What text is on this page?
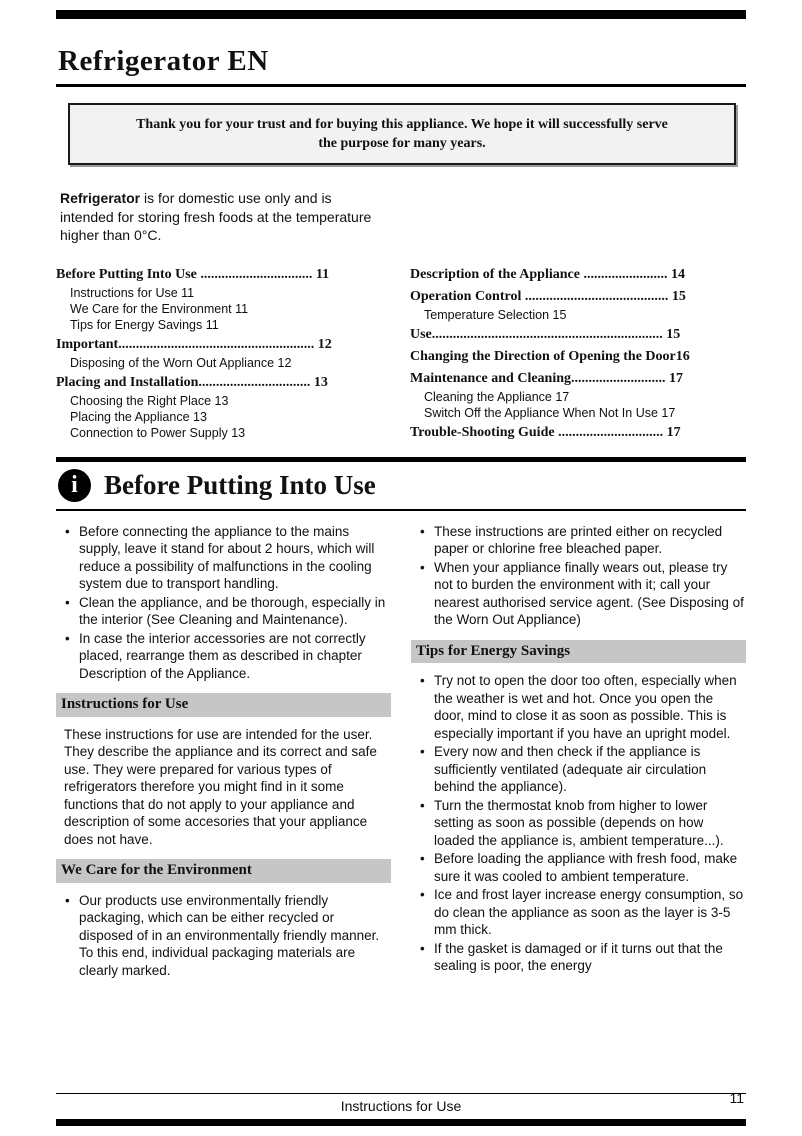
Refrigerator EN
Thank you for your trust and for buying this appliance. We hope it will successfully serve the purpose for many years.

Refrigerator is for domestic use only and is intended for storing fresh foods at the temperature higher than 0°C.

Before Putting Into Use ................................ 11
Instructions for Use 11
We Care for the Environment 11
Tips for Energy Savings 11
Important........................................................ 12
Disposing of the Worn Out Appliance 12
Placing and Installation................................ 13
Choosing the Right Place 13
Placing the Appliance 13
Connection to Power Supply 13
Description of the Appliance ........................ 14
Operation Control ......................................... 15
Temperature Selection 15
Use.................................................................. 15
Changing the Direction of Opening the Door16
Maintenance and Cleaning........................... 17
Cleaning the Appliance 17
Switch Off the Appliance When Not In Use 17
Trouble-Shooting Guide .............................. 17
i Before Putting Into Use
• Before connecting the appliance to the mains supply, leave it stand for about 2 hours, which will reduce a possibility of malfunctions in the cooling system due to transport handling.
• Clean the appliance, and be thorough, especially in the interior (See Cleaning and Maintenance).
• In case the interior accessories are not correctly placed, rearrange them as described in chapter Description of the Appliance.
Instructions for Use

These instructions for use are intended for the user. They describe the appliance and its correct and safe use. They were prepared for various types of refrigerators therefore you might find in it some functions that do not apply to your appliance and description of some accesories that your appliance does not have.

We Care for the Environment
• Our products use environmentally friendly packaging, which can be either recycled or disposed of in an environmentally friendly manner. To this end, individual packaging materials are clearly marked.
• These instructions are printed either on recycled paper or chlorine free bleached paper.
• When your appliance finally wears out, please try not to burden the environment with it; call your nearest authorised service agent. (See Disposing of the Worn Out Appliance)
Tips for Energy Savings
• Try not to open the door too often, especially when the weather is wet and hot. Once you open the door, mind to close it as soon as possible. This is especially important if you have an upright model.
• Every now and then check if the appliance is sufficiently ventilated (adequate air circulation behind the appliance).
• Turn the thermostat knob from higher to lower setting as soon as possible (depends on how loaded the appliance is, ambient temperature...).
• Before loading the appliance with fresh food, make sure it was cooled to ambient temperature.
• Ice and frost layer increase energy consumption, so do clean the appliance as soon as the layer is 3-5 mm thick.
• If the gasket is damaged or if it turns out that the sealing is poor, the energy
Instructions for Use	11
